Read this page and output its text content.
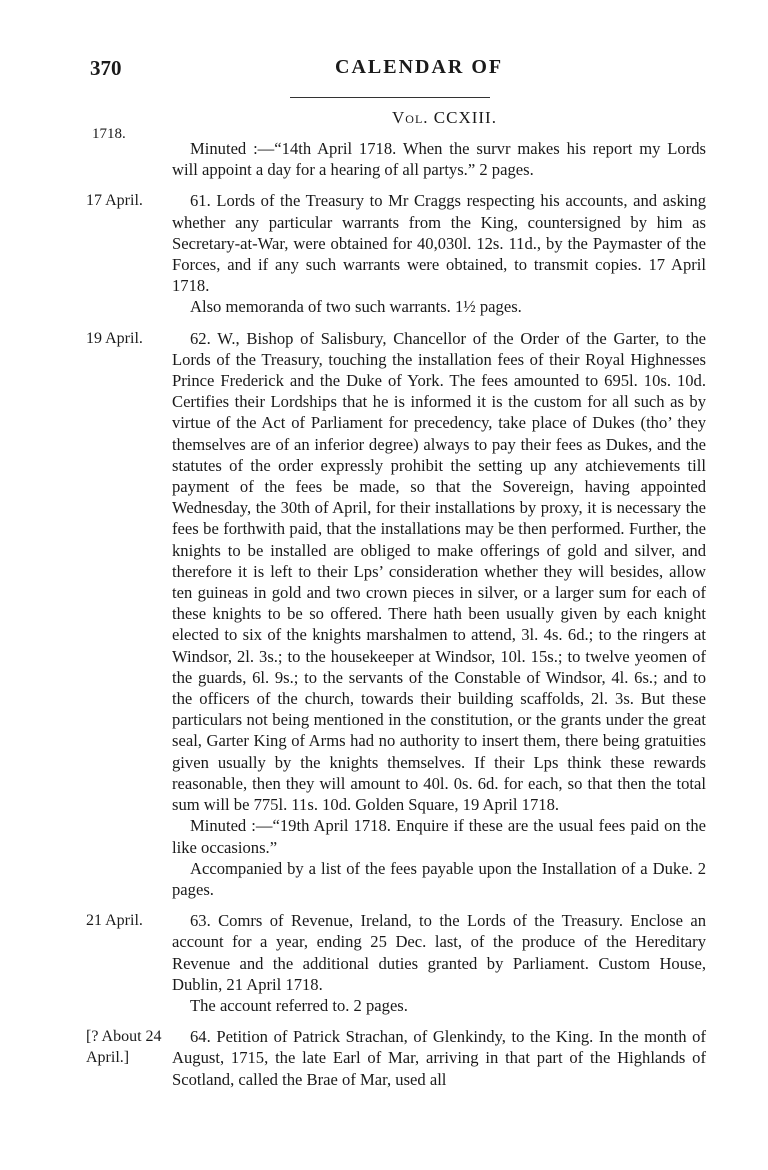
370	CALENDAR OF
Vol. CCXIII.
1718.

Minuted :—“14th April 1718. When the survr makes his report my Lords will appoint a day for a hearing of all partys.” 2 pages.

17 April.	61. Lords of the Treasury to Mr Craggs respecting his accounts, and asking whether any particular warrants from the King, countersigned by him as Secretary-at-War, were obtained for 40,030l. 12s. 11d., by the Paymaster of the Forces, and if any such warrants were obtained, to transmit copies. 17 April 1718.

Also memoranda of two such warrants. 1½ pages.

19 April.	62. W., Bishop of Salisbury, Chancellor of the Order of the Garter, to the Lords of the Treasury, touching the installation fees of their Royal Highnesses Prince Frederick and the Duke of York. The fees amounted to 695l. 10s. 10d. Certifies their Lordships that he is informed it is the custom for all such as by virtue of the Act of Parliament for precedency, take place of Dukes (tho’ they themselves are of an inferior degree) always to pay their fees as Dukes, and the statutes of the order expressly prohibit the setting up any atchievements till payment of the fees be made, so that the Sovereign, having appointed Wednesday, the 30th of April, for their installations by proxy, it is necessary the fees be forthwith paid, that the installations may be then performed. Further, the knights to be installed are obliged to make offerings of gold and silver, and therefore it is left to their Lps’ consideration whether they will besides, allow ten guineas in gold and two crown pieces in silver, or a larger sum for each of these knights to be so offered. There hath been usually given by each knight elected to six of the knights marshalmen to attend, 3l. 4s. 6d.; to the ringers at Windsor, 2l. 3s.; to the housekeeper at Windsor, 10l. 15s.; to twelve yeomen of the guards, 6l. 9s.; to the servants of the Constable of Windsor, 4l. 6s.; and to the officers of the church, towards their building scaffolds, 2l. 3s. But these particulars not being mentioned in the constitution, or the grants under the great seal, Garter King of Arms had no authority to insert them, there being gratuities given usually by the knights themselves. If their Lps think these rewards reasonable, then they will amount to 40l. 0s. 6d. for each, so that then the total sum will be 775l. 11s. 10d. Golden Square, 19 April 1718.

Minuted :—“19th April 1718. Enquire if these are the usual fees paid on the like occasions.”

Accompanied by a list of the fees payable upon the Installation of a Duke. 2 pages.

21 April.	63. Comrs of Revenue, Ireland, to the Lords of the Treasury. Enclose an account for a year, ending 25 Dec. last, of the produce of the Hereditary Revenue and the additional duties granted by Parliament. Custom House, Dublin, 21 April 1718.

The account referred to. 2 pages.

[? About 24 April.]

64. Petition of Patrick Strachan, of Glenkindy, to the King. In the month of August, 1715, the late Earl of Mar, arriving in that part of the Highlands of Scotland, called the Brae of Mar, used all
